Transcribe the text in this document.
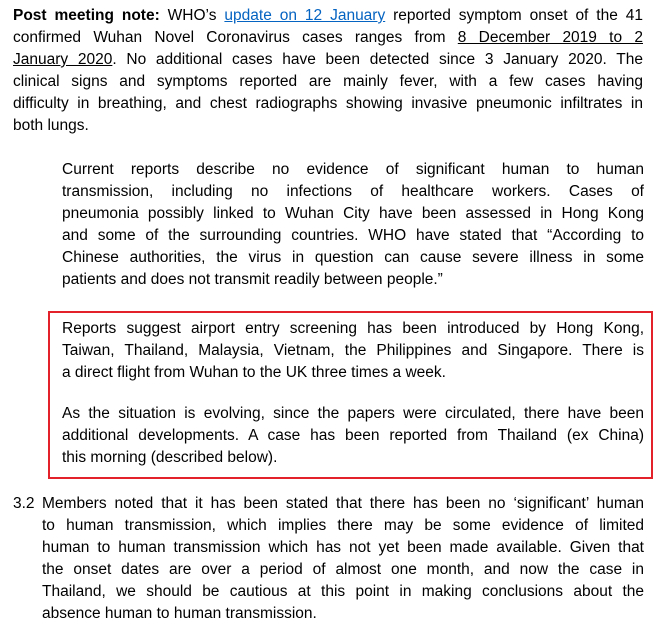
Post meeting note: WHO’s update on 12 January reported symptom onset of the 41
confirmed Wuhan Novel Coronavirus cases ranges from 8 December 2019 to 2
January 2020. No additional cases have been detected since 3 January 2020. The
clinical signs and symptoms reported are mainly fever, with a few cases having
difficulty in breathing, and chest radiographs showing invasive pneumonic infiltrates in
both lungs.
Current reports describe no evidence of significant human to human
transmission, including no infections of healthcare workers. Cases of
pneumonia possibly linked to Wuhan City have been assessed in Hong Kong
and some of the surrounding countries. WHO have stated that “According to
Chinese authorities, the virus in question can cause severe illness in some
patients and does not transmit readily between people.”
Reports suggest airport entry screening has been introduced by Hong Kong,
Taiwan, Thailand, Malaysia, Vietnam, the Philippines and Singapore. There is
a direct flight from Wuhan to the UK three times a week.
As the situation is evolving, since the papers were circulated, there have been
additional developments. A case has been reported from Thailand (ex China)
this morning (described below).
3.2 Members noted that it has been stated that there has been no ‘significant’ human
to human transmission, which implies there may be some evidence of limited
human to human transmission which has not yet been made available. Given that
the onset dates are over a period of almost one month, and now the case in
Thailand, we should be cautious at this point in making conclusions about the
absence human to human transmission.
